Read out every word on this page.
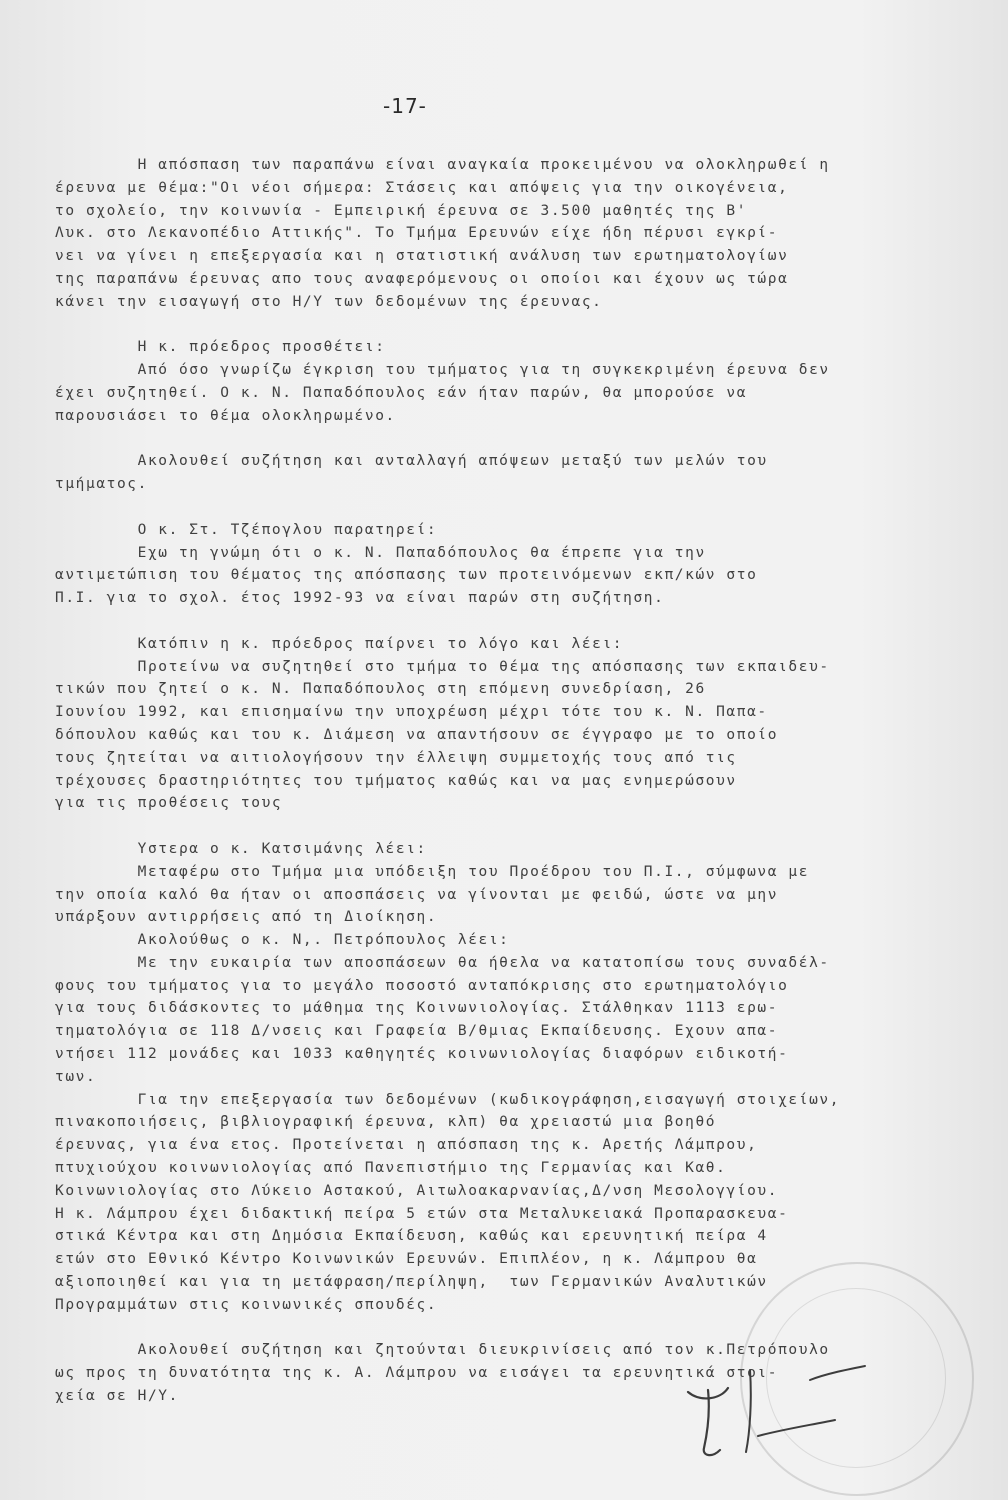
-17-
Η απόσπαση των παραπάνω είναι αναγκαία προκειμένου να ολοκληρωθεί η
έρευνα με θέμα:"Οι νέοι σήμερα: Στάσεις και απόψεις για την οικογένεια,
το σχολείο, την κοινωνία - Εμπειρική έρευνα σε 3.500 μαθητές της Β'
Λυκ. στο Λεκανοπέδιο Αττικής". Το Τμήμα Ερευνών είχε ήδη πέρυσι εγκρί-
νει να γίνει η επεξεργασία και η στατιστική ανάλυση των ερωτηματολογίων
της παραπάνω έρευνας απο τους αναφερόμενους οι οποίοι και έχουν ως τώρα
κάνει την εισαγωγή στο Η/Υ των δεδομένων της έρευνας.
Η κ. πρόεδρος προσθέτει:
Από όσο γνωρίζω έγκριση του τμήματος για τη συγκεκριμένη έρευνα δεν
έχει συζητηθεί. Ο κ. Ν. Παπαδόπουλος εάν ήταν παρών, θα μπορούσε να
παρουσιάσει το θέμα ολοκληρωμένο.
Ακολουθεί συζήτηση και ανταλλαγή απόψεων μεταξύ των μελών του
τμήματος.
Ο κ. Στ. Τζέπογλου παρατηρεί:
Εχω τη γνώμη ότι ο κ. Ν. Παπαδόπουλος θα έπρεπε για την
αντιμετώπιση του θέματος της απόσπασης των προτεινόμενων εκπ/κών στο
Π.Ι. για το σχολ. έτος 1992-93 να είναι παρών στη συζήτηση.
Κατόπιν η κ. πρόεδρος παίρνει το λόγο και λέει:
Προτείνω να συζητηθεί στο τμήμα το θέμα της απόσπασης των εκπαιδευ-
τικών που ζητεί ο κ. Ν. Παπαδόπουλος στη επόμενη συνεδρίαση, 26
Ιουνίου 1992, και επισημαίνω την υποχρέωση μέχρι τότε του κ. Ν. Παπα-
δόπουλου καθώς και του κ. Διάμεση να απαντήσουν σε έγγραφο με το οποίο
τους ζητείται να αιτιολογήσουν την έλλειψη συμμετοχής τους από τις
τρέχουσες δραστηριότητες του τμήματος καθώς και να μας ενημερώσουν
για τις προθέσεις τους
Υστερα ο κ. Κατσιμάνης λέει:
Μεταφέρω στο Τμήμα μια υπόδειξη του Προέδρου του Π.Ι., σύμφωνα με
την οποία καλό θα ήταν οι αποσπάσεις να γίνονται με φειδώ, ώστε να μην
υπάρξουν αντιρρήσεις από τη Διοίκηση.
Ακολούθως ο κ. Ν,. Πετρόπουλος λέει:
Με την ευκαιρία των αποσπάσεων θα ήθελα να κατατοπίσω τους συναδέλ-
φους του τμήματος για το μεγάλο ποσοστό ανταπόκρισης στο ερωτηματολόγιο
για τους διδάσκοντες το μάθημα της Κοινωνιολογίας. Στάλθηκαν 1113 ερω-
τηματολόγια σε 118 Δ/νσεις και Γραφεία Β/θμιας Εκπαίδευσης. Εχουν απα-
ντήσει 112 μονάδες και 1033 καθηγητές κοινωνιολογίας διαφόρων ειδικοτή-
των.
Για την επεξεργασία των δεδομένων (κωδικογράφηση,εισαγωγή στοιχείων,
πινακοποιήσεις, βιβλιογραφική έρευνα, κλπ) θα χρειαστώ μια βοηθό
έρευνας, για ένα ετος. Προτείνεται η απόσπαση της κ. Αρετής Λάμπρου,
πτυχιούχου κοινωνιολογίας από Πανεπιστήμιο της Γερμανίας και Καθ.
Κοινωνιολογίας στο Λύκειο Αστακού, Αιτωλοακαρνανίας,Δ/νση Μεσολογγίου.
Η κ. Λάμπρου έχει διδακτική πείρα 5 ετών στα Μεταλυκειακά Προπαρασκευα-
στικά Κέντρα και στη Δημόσια Εκπαίδευση, καθώς και ερευνητική πείρα 4
ετών στο Εθνικό Κέντρο Κοινωνικών Ερευνών. Επιπλέον, η κ. Λάμπρου θα
αξιοποιηθεί και για τη μετάφραση/περίληψη,  των Γερμανικών Αναλυτικών
Προγραμμάτων στις κοινωνικές σπουδές.
Ακολουθεί συζήτηση και ζητούνται διευκρινίσεις από τον κ.Πετρόπουλο
ως προς τη δυνατότητα της κ. Α. Λάμπρου να εισάγει τα ερευνητικά στοι-
χεία σε Η/Υ.
